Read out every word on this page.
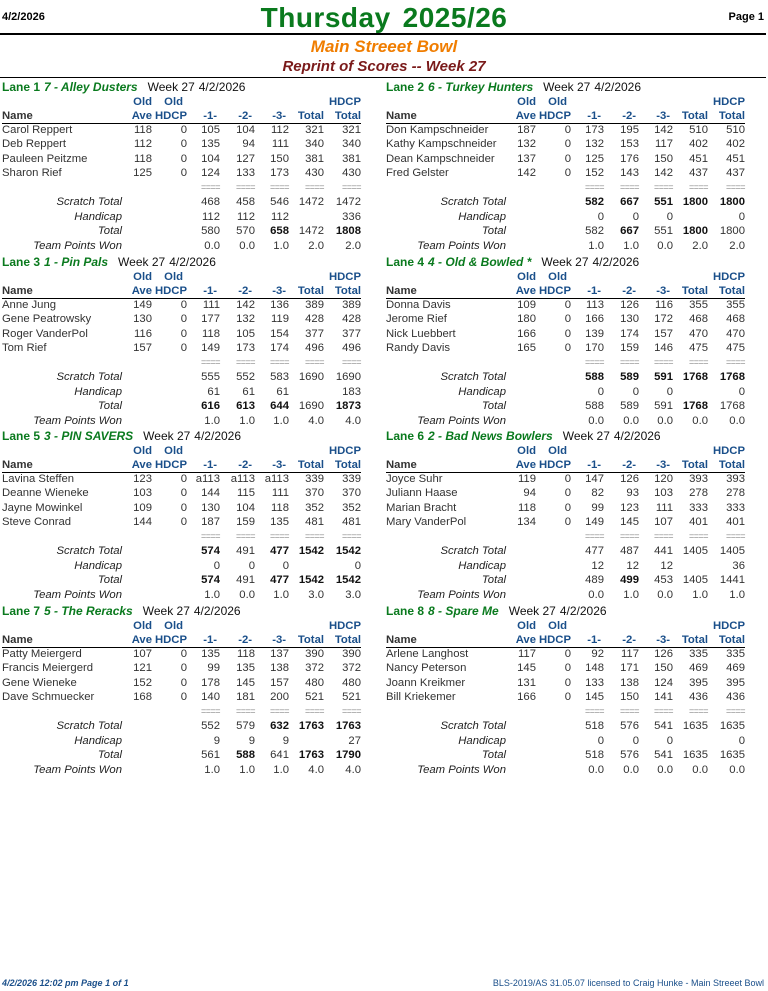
4/2/2026	Thursday 2025/26	Page 1
Main Streeet Bowl
Reprint of Scores -- Week 27
Lane 1 7 - Alley Dusters Week 27 4/2/2026
Old Old	HDCP
Name	Ave HDCP -1- -2- -3- Total Total
Carol Reppert	118	0 105 104 112 321 321
Deb Reppert	112	0 135 94 111 340 340
Pauleen Peitzme	118	0 104 127 150 381 381
Sharon Rief	125	0 124 133 173 430 430
==== ==== ==== ==== ====
Scratch Total	468 458 546 1472 1472
Handicap	112 112 112	336
Total	580 570 658 1472 1808
Team Points Won	0.0 0.0 1.0 2.0 2.0
Lane 2 6 - Turkey Hunters Week 27 4/2/2026
Old Old	HDCP
Name	Ave HDCP -1- -2- -3- Total Total
Don Kampschneider	187	0 173 195 142 510 510
Kathy Kampschneider 132	0 132 153 117 402 402
Dean Kampschneider 137	0 125 176 150 451 451
Fred Gelster	142	0 152 143 142 437 437
==== ==== ==== ==== ====
Scratch Total	582 667 551 1800 1800
Handicap	0	0 0	0
Total	582 667 551 1800 1800
Team Points Won	1.0 1.0 0.0 2.0 2.0
Lane 3 1 - Pin Pals Week 27 4/2/2026
Old Old	HDCP
Name	Ave HDCP -1- -2- -3- Total Total
Anne Jung	149	0 111 142 136 389 389
Gene Peatrowsky	130	0 177 132 119 428 428
Roger VanderPol	116	0 118 105 154 377 377
Tom Rief	157	0 149 173 174 496 496
==== ==== ==== ==== ====
Scratch Total	555 552 583 1690 1690
Handicap	61 61 61	183
Total	616 613 644 1690 1873
Team Points Won	1.0 1.0 1.0 4.0 4.0
Lane 4 4 - Old & Bowled * Week 27 4/2/2026
Old Old	HDCP
Name	Ave HDCP -1- -2- -3- Total Total
Donna Davis	109	0 113 126 116 355 355
Jerome Rief	180	0 166 130 172 468 468
Nick Luebbert	166	0 139 174 157 470 470
Randy Davis	165	0 170 159 146 475 475
==== ==== ==== ==== ====
Scratch Total	588 589 591 1768 1768
Handicap	0	0 0	0
Total	588 589 591 1768 1768
Team Points Won	0.0 0.0 0.0 0.0 0.0
Lane 5 3 - PIN SAVERS Week 27 4/2/2026
Old Old	HDCP
Name	Ave HDCP -1- -2- -3- Total Total
Lavina Steffen	123	0 a113 a113 a113 339 339
Deanne Wieneke	103	0 144 115 111 370 370
Jayne Mowinkel	109	0 130 104 118 352 352
Steve Conrad	144	0 187 159 135 481 481
==== ==== ==== ==== ====
Scratch Total	574 491 477 1542 1542
Handicap	0	0 0	0
Total	574 491 477 1542 1542
Team Points Won	1.0 0.0 1.0 3.0 3.0
Lane 6 2 - Bad News Bowlers Week 27 4/2/2026
Old Old	HDCP
Name	Ave HDCP -1- -2- -3- Total Total
Joyce Suhr	119	0 147 126 120 393 393
Juliann Haase	94	0 82 93 103 278 278
Marian Bracht	118	0 99 123 111 333 333
Mary VanderPol	134	0 149 145 107 401 401
==== ==== ==== ==== ====
Scratch Total	477 487 441 1405 1405
Handicap	12 12 12	36
Total	489 499 453 1405 1441
Team Points Won	0.0 1.0 0.0 1.0 1.0
Lane 7 5 - The Reracks Week 27 4/2/2026
Old Old	HDCP
Name	Ave HDCP -1- -2- -3- Total Total
Patty Meiergerd	107	0 135 118 137 390 390
Francis Meiergerd	121	0 99 135 138 372 372
Gene Wieneke	152	0 178 145 157 480 480
Dave Schmuecker	168	0 140 181 200 521 521
==== ==== ==== ==== ====
Scratch Total	552 579 632 1763 1763
Handicap	9	9 9	27
Total	561 588 641 1763 1790
Team Points Won	1.0 1.0 1.0 4.0 4.0
Lane 8 8 - Spare Me Week 27 4/2/2026
Old Old	HDCP
Name	Ave HDCP -1- -2- -3- Total Total
Arlene Langhost	117	0 92 117 126 335 335
Nancy Peterson	145	0 148 171 150 469 469
Joann Kreikmer	131	0 133 138 124 395 395
Bill Kriekemer	166	0 145 150 141 436 436
==== ==== ==== ==== ====
Scratch Total	518 576 541 1635 1635
Handicap	0	0 0	0
Total	518 576 541 1635 1635
Team Points Won	0.0 0.0 0.0 0.0 0.0
4/2/2026 12:02 pm Page 1 of 1	BLS-2019/AS 31.05.07 licensed to Craig Hunke - Main Streeet Bowl
